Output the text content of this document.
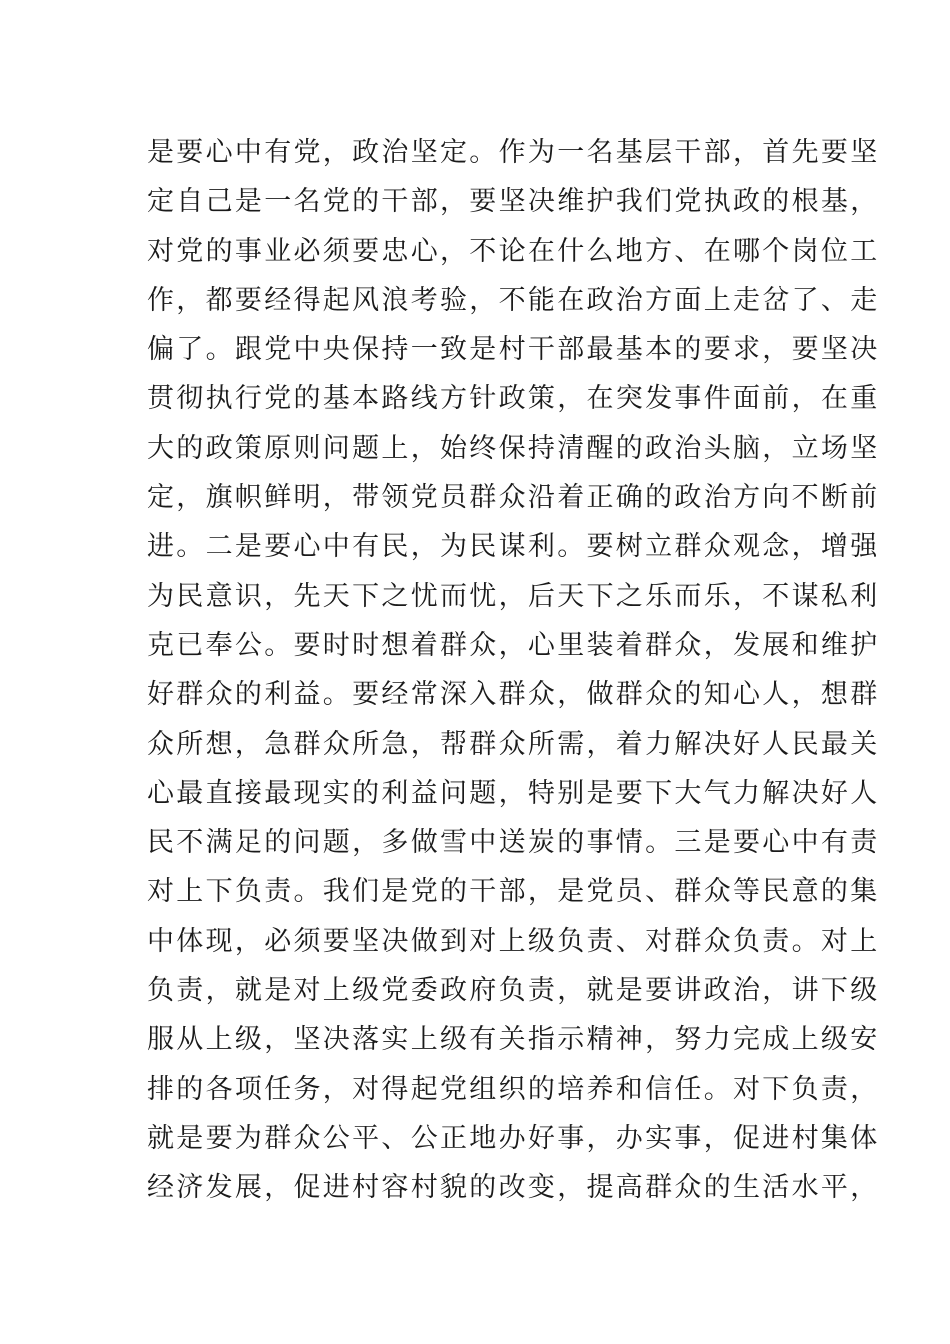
是要心中有党，政治坚定。作为一名基层干部，首先要坚
定自己是一名党的干部，要坚决维护我们党执政的根基，
对党的事业必须要忠心，不论在什么地方、在哪个岗位工
作，都要经得起风浪考验，不能在政治方面上走岔了、走
偏了。跟党中央保持一致是村干部最基本的要求，要坚决
贯彻执行党的基本路线方针政策，在突发事件面前，在重
大的政策原则问题上，始终保持清醒的政治头脑，立场坚
定，旗帜鲜明，带领党员群众沿着正确的政治方向不断前
进。二是要心中有民，为民谋利。要树立群众观念，增强
为民意识，先天下之忧而忧，后天下之乐而乐，不谋私利
克已奉公。要时时想着群众，心里装着群众，发展和维护
好群众的利益。要经常深入群众，做群众的知心人，想群
众所想，急群众所急，帮群众所需，着力解决好人民最关
心最直接最现实的利益问题，特别是要下大气力解决好人
民不满足的问题，多做雪中送炭的事情。三是要心中有责
对上下负责。我们是党的干部，是党员、群众等民意的集
中体现，必须要坚决做到对上级负责、对群众负责。对上
负责，就是对上级党委政府负责，就是要讲政治，讲下级
服从上级，坚决落实上级有关指示精神，努力完成上级安
排的各项任务，对得起党组织的培养和信任。对下负责，
就是要为群众公平、公正地办好事，办实事，促进村集体
经济发展，促进村容村貌的改变，提高群众的生活水平，
